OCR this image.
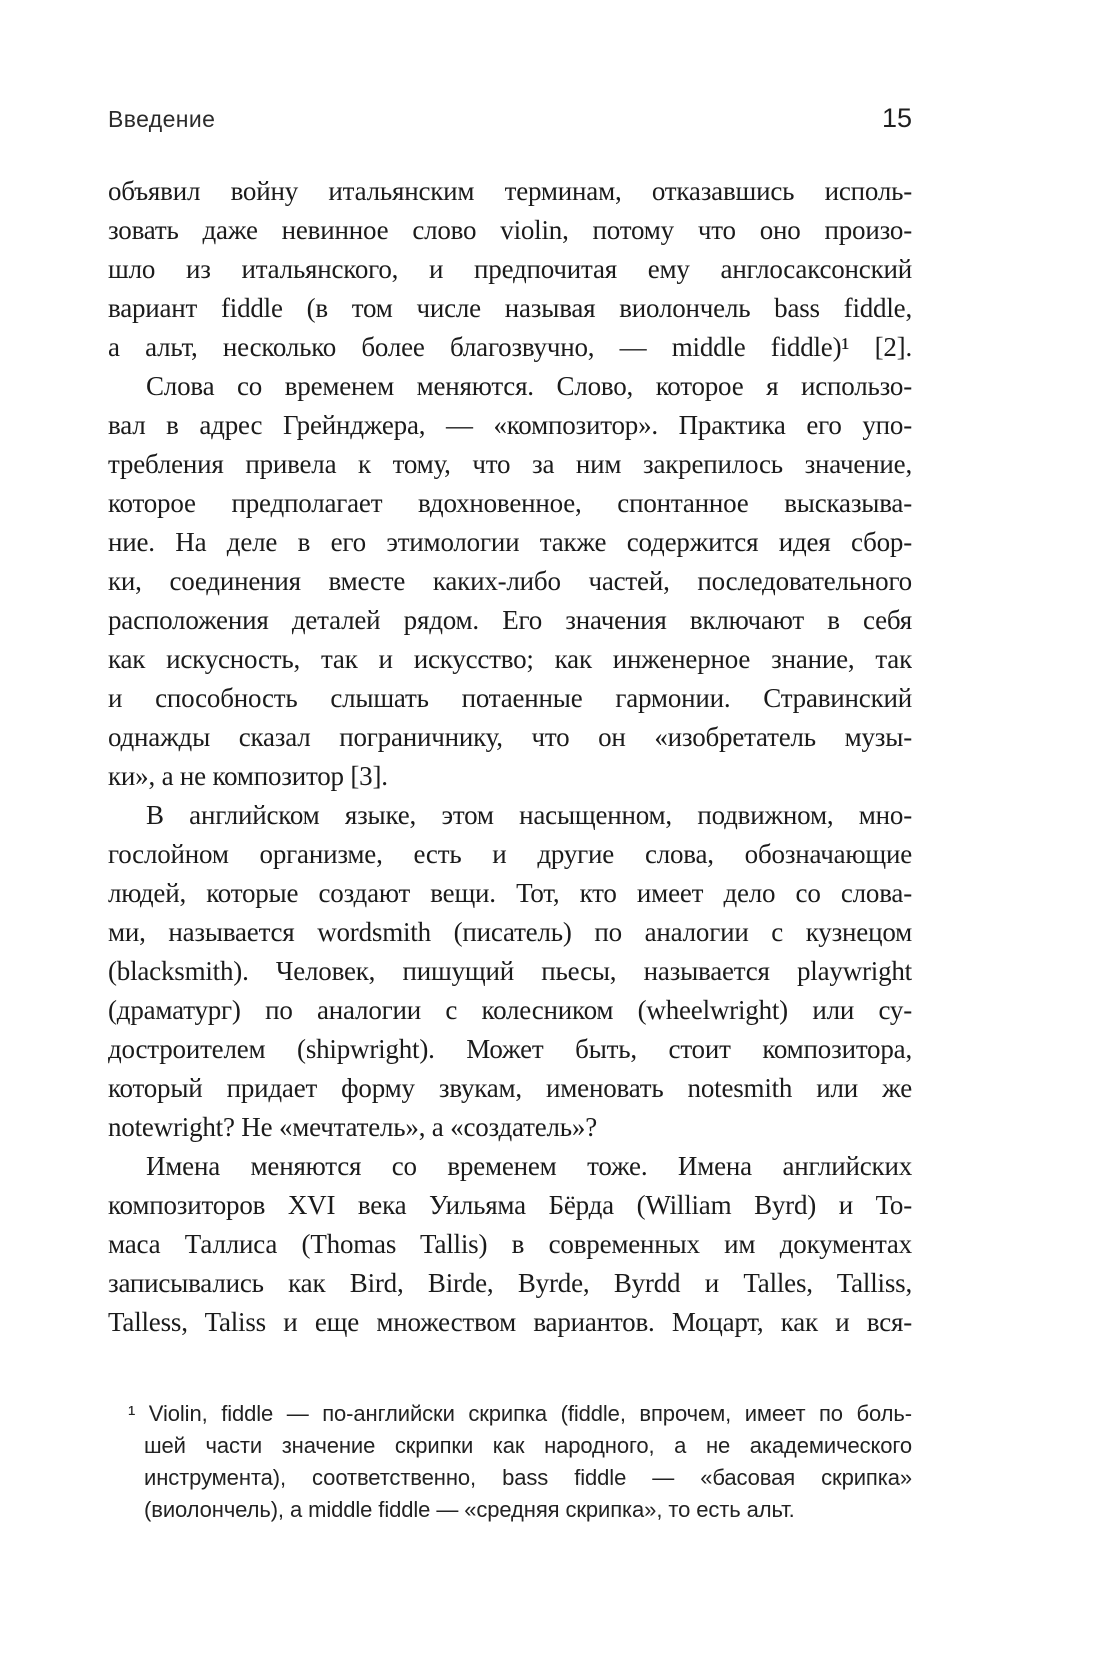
Введение	15
объявил войну итальянским терминам, отказавшись исполь-
зовать даже невинное слово violin, потому что оно произо-
шло из итальянского, и предпочитая ему англосаксонский
вариант fiddle (в том числе называя виолончель bass fiddle,
а альт, несколько более благозвучно, — middle fiddle)¹ [2].
Слова со временем меняются. Слово, которое я использо-
вал в адрес Грейнджера, — «композитор». Практика его упо-
требления привела к тому, что за ним закрепилось значение,
которое предполагает вдохновенное, спонтанное высказыва-
ние. На деле в его этимологии также содержится идея сбор-
ки, соединения вместе каких-либо частей, последовательного
расположения деталей рядом. Его значения включают в себя
как искусность, так и искусство; как инженерное знание, так
и способность слышать потаенные гармонии. Стравинский
однажды сказал пограничнику, что он «изобретатель музы-
ки», а не композитор [3].
В английском языке, этом насыщенном, подвижном, мно-
гослойном организме, есть и другие слова, обозначающие
людей, которые создают вещи. Тот, кто имеет дело со слова-
ми, называется wordsmith (писатель) по аналогии с кузнецом
(blacksmith). Человек, пишущий пьесы, называется playwright
(драматург) по аналогии с колесником (wheelwright) или су-
достроителем (shipwright). Может быть, стоит композитора,
который придает форму звукам, именовать notesmith или же
notewright? Не «мечтатель», а «создатель»?
Имена меняются со временем тоже. Имена английских
композиторов XVI века Уильяма Бёрда (William Byrd) и То-
маса Таллиса (Thomas Tallis) в современных им документах
записывались как Bird, Birde, Byrde, Byrdd и Talles, Talliss,
Talless, Taliss и еще множеством вариантов. Моцарт, как и вся-
¹ Violin, fiddle — по-английски скрипка (fiddle, впрочем, имеет по боль-
шей части значение скрипки как народного, а не академического
инструмента), соответственно, bass fiddle — «басовая скрипка»
(виолончель), а middle fiddle — «средняя скрипка», то есть альт.
